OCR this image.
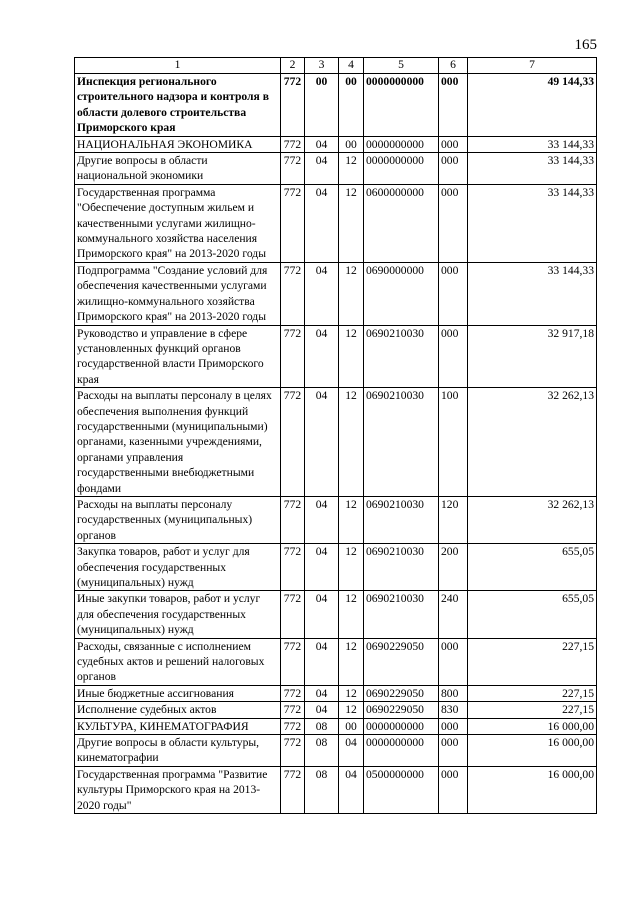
165
1	2	3	4	5	6	7
Инспекция регионального строительного надзора и контроля в области долевого строительства Приморского края	772	00	00	0000000000	000	49 144,33
НАЦИОНАЛЬНАЯ ЭКОНОМИКА	772	04	00	0000000000	000	33 144,33
Другие вопросы в области национальной экономики	772	04	12	0000000000	000	33 144,33
Государственная программа "Обеспечение доступным жильем и качественными услугами жилищно-коммунального хозяйства населения Приморского края" на 2013-2020 годы	772	04	12	0600000000	000	33 144,33
Подпрограмма "Создание условий для обеспечения качественными услугами жилищно-коммунального хозяйства Приморского края" на 2013-2020 годы	772	04	12	0690000000	000	33 144,33
Руководство и управление в сфере установленных функций органов государственной власти Приморского края	772	04	12	0690210030	000	32 917,18
Расходы на выплаты персоналу в целях обеспечения выполнения функций государственными (муниципальными) органами, казенными учреждениями, органами управления государственными внебюджетными фондами	772	04	12	0690210030	100	32 262,13
Расходы на выплаты персоналу государственных (муниципальных) органов	772	04	12	0690210030	120	32 262,13
Закупка товаров, работ и услуг для обеспечения государственных (муниципальных) нужд	772	04	12	0690210030	200	655,05
Иные закупки товаров, работ и услуг для обеспечения государственных (муниципальных) нужд	772	04	12	0690210030	240	655,05
Расходы, связанные с исполнением судебных актов и решений налоговых органов	772	04	12	0690229050	000	227,15
Иные бюджетные ассигнования	772	04	12	0690229050	800	227,15
Исполнение судебных актов	772	04	12	0690229050	830	227,15
КУЛЬТУРА, КИНЕМАТОГРАФИЯ	772	08	00	0000000000	000	16 000,00
Другие вопросы в области культуры, кинематографии	772	08	04	0000000000	000	16 000,00
Государственная программа "Развитие культуры Приморского края на 2013-2020 годы"	772	08	04	0500000000	000	16 000,00
